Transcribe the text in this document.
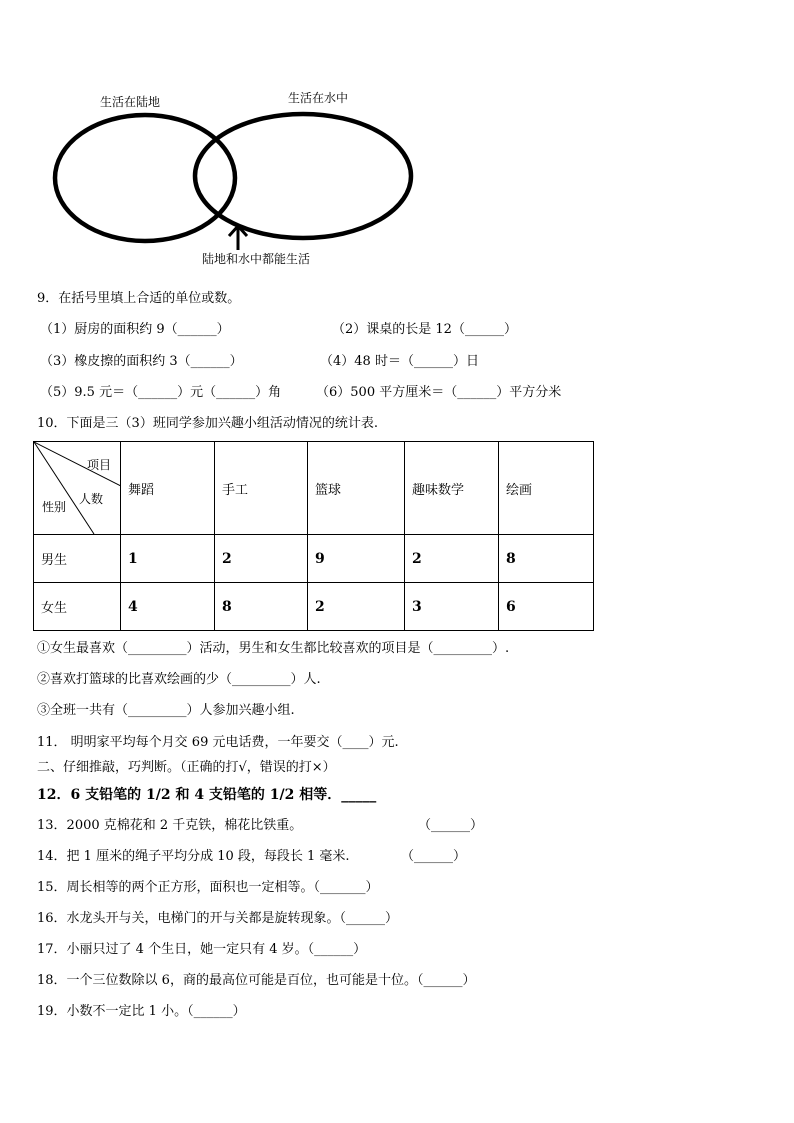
生活在陆地	生活在水中
陆地和水中都能生活
9．在括号里填上合适的单位或数。
（1）厨房的面积约 9（______）	（2）课桌的长是 12（______）
（3）橡皮擦的面积约 3（______）	（4）48 时＝（______）日
（5）9.5 元＝（______）元（______）角	（6）500 平方厘米＝（______）平方分米
10．下面是三（3）班同学参加兴趣小组活动情况的统计表.
项目
人数
性别	舞蹈	手工	篮球	趣味数学	绘画
男生	1	2	9	2	8
女生	4	8	2	3	6
①女生最喜欢（_________）活动，男生和女生都比较喜欢的项目是（_________）.
②喜欢打篮球的比喜欢绘画的少（_________）人.
③全班一共有（_________）人参加兴趣小组.
11． 明明家平均每个月交 69 元电话费，一年要交（____）元.
二、仔细推敲，巧判断。（正确的打√，错误的打×）
12．6 支铅笔的 1/2 和 4 支铅笔的 1/2 相等．_____
13．2000 克棉花和 2 千克铁，棉花比铁重。	（______）
14．把 1 厘米的绳子平均分成 10 段，每段长 1 毫米.	（______）
15．周长相等的两个正方形，面积也一定相等。（_______）
16．水龙头开与关，电梯门的开与关都是旋转现象。（______）
17．小丽只过了 4 个生日，她一定只有 4 岁。（______）
18．一个三位数除以 6，商的最高位可能是百位，也可能是十位。（______）
19．小数不一定比 1 小。（______）
